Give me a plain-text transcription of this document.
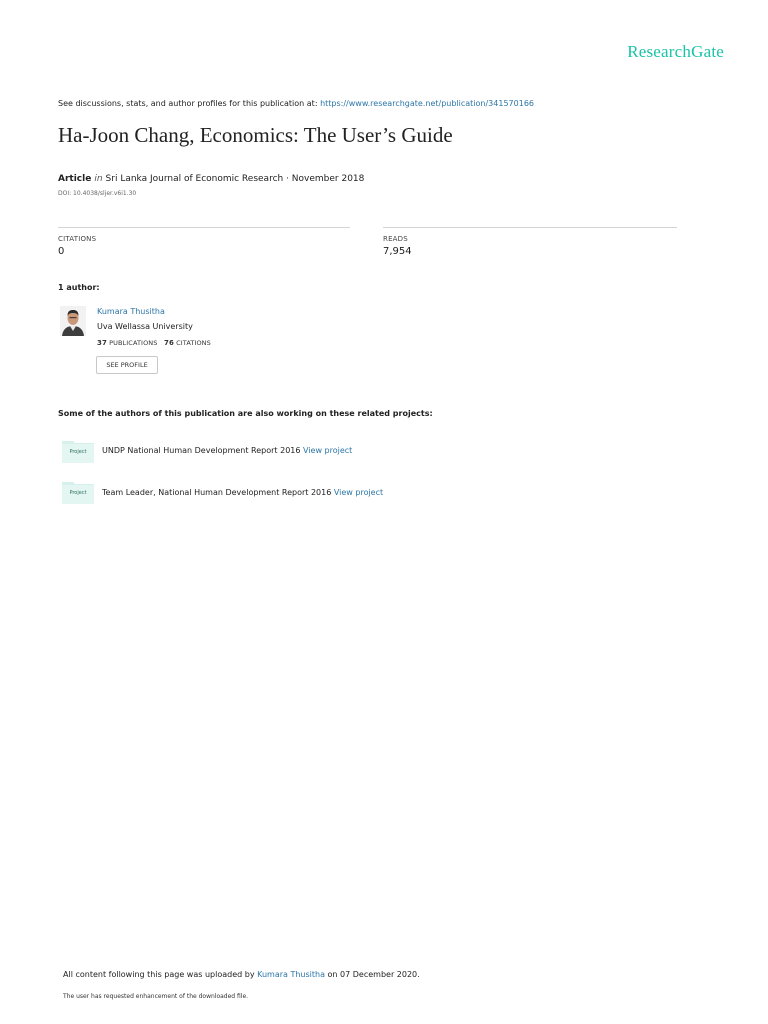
ResearchGate
See discussions, stats, and author profiles for this publication at: https://www.researchgate.net/publication/341570166
Ha-Joon Chang, Economics: The User’s Guide
Article in Sri Lanka Journal of Economic Research · November 2018
DOI: 10.4038/sljer.v6i1.30
CITATIONS
0
READS
7,954
1 author:
Kumara Thusitha
Uva Wellassa University
37 PUBLICATIONS 76 CITATIONS
SEE PROFILE
Some of the authors of this publication are also working on these related projects:
Project	UNDP National Human Development Report 2016 View project
Project	Team Leader, National Human Development Report 2016 View project
All content following this page was uploaded by Kumara Thusitha on 07 December 2020.
The user has requested enhancement of the downloaded file.
